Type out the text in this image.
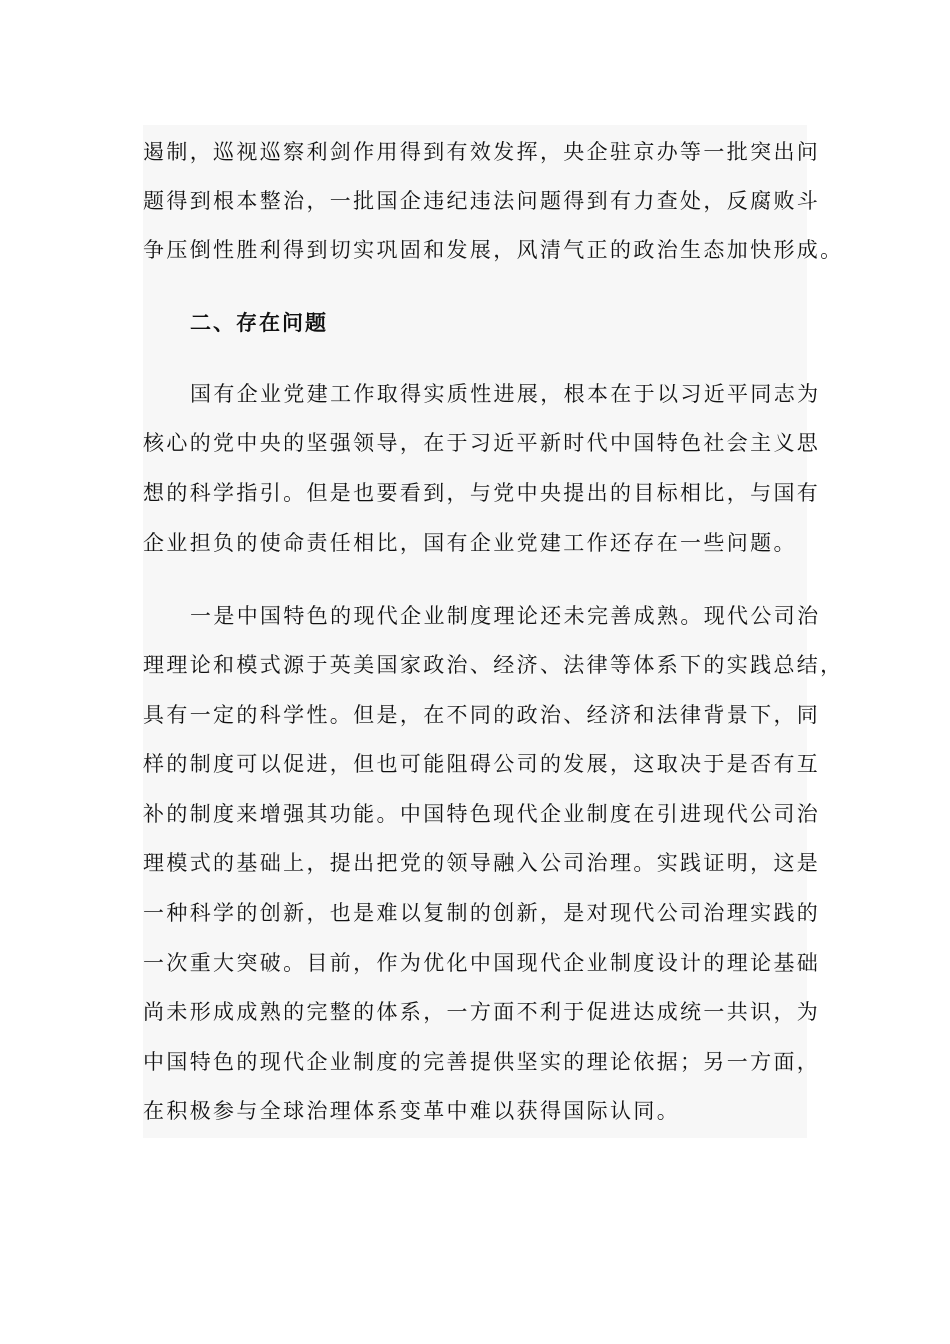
遏制，巡视巡察利剑作用得到有效发挥，央企驻京办等一批突出问
题得到根本整治，一批国企违纪违法问题得到有力查处，反腐败斗
争压倒性胜利得到切实巩固和发展，风清气正的政治生态加快形成。
二、存在问题
国有企业党建工作取得实质性进展，根本在于以习近平同志为
核心的党中央的坚强领导，在于习近平新时代中国特色社会主义思
想的科学指引。但是也要看到，与党中央提出的目标相比，与国有
企业担负的使命责任相比，国有企业党建工作还存在一些问题。
一是中国特色的现代企业制度理论还未完善成熟。现代公司治
理理论和模式源于英美国家政治、经济、法律等体系下的实践总结，
具有一定的科学性。但是，在不同的政治、经济和法律背景下，同
样的制度可以促进，但也可能阻碍公司的发展，这取决于是否有互
补的制度来增强其功能。中国特色现代企业制度在引进现代公司治
理模式的基础上，提出把党的领导融入公司治理。实践证明，这是
一种科学的创新，也是难以复制的创新，是对现代公司治理实践的
一次重大突破。目前，作为优化中国现代企业制度设计的理论基础
尚未形成成熟的完整的体系，一方面不利于促进达成统一共识，为
中国特色的现代企业制度的完善提供坚实的理论依据；另一方面，
在积极参与全球治理体系变革中难以获得国际认同。
